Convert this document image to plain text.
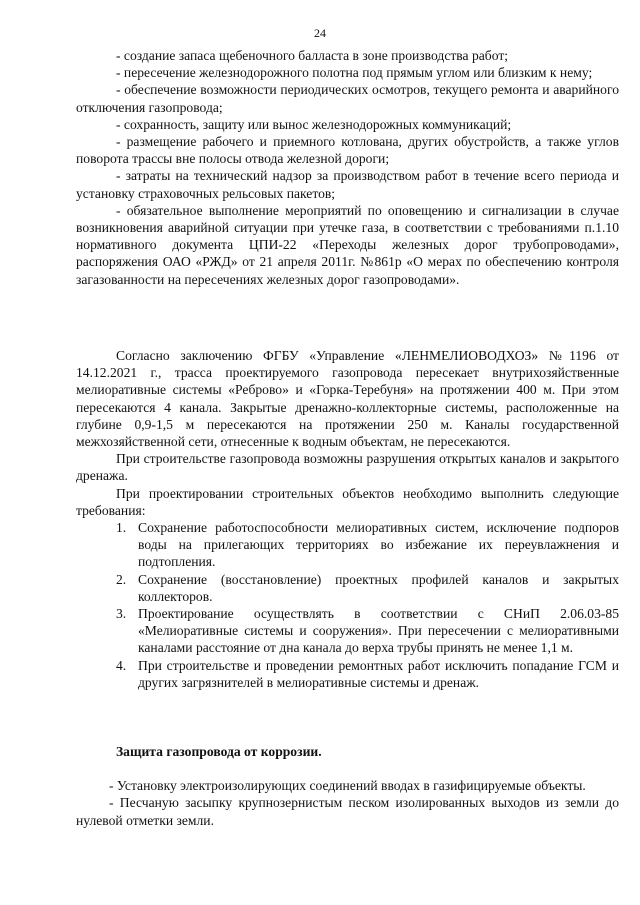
24

- создание запаса щебеночного балласта в зоне производства работ;

- пересечение железнодорожного полотна под прямым углом или близким к нему;

- обеспечение возможности периодических осмотров, текущего ремонта и аварийного отключения газопровода;

- сохранность, защиту или вынос железнодорожных коммуникаций;

- размещение рабочего и приемного котлована, других обустройств, а также углов поворота трассы вне полосы отвода железной дороги;

- затраты на технический надзор за производством работ в течение всего периода и установку страховочных рельсовых пакетов;

- обязательное выполнение мероприятий по оповещению и сигнализации в случае возникновения аварийной ситуации при утечке газа, в соответствии с требованиями п.1.10 нормативного документа ЦПИ-22 «Переходы железных дорог трубопроводами», распоряжения ОАО «РЖД» от 21 апреля 2011г. №861р «О мерах по обеспечению контроля загазованности на пересечениях железных дорог газопроводами».

Согласно заключению ФГБУ «Управление «ЛЕНМЕЛИОВОДХОЗ» №1196 от 14.12.2021 г., трасса проектируемого газопровода пересекает внутрихозяйственные мелиоративные системы «Реброво» и «Горка-Теребуня» на протяжении 400 м. При этом пересекаются 4 канала. Закрытые дренажно-коллекторные системы, расположенные на глубине 0,9-1,5 м пересекаются на протяжении 250 м. Каналы государственной межхозяйственной сети, отнесенные к водным объектам, не пересекаются.

При строительстве газопровода возможны разрушения открытых каналов и закрытого дренажа.

При проектировании строительных объектов необходимо выполнить следующие требования:

1. Сохранение работоспособности мелиоративных систем, исключение подпоров воды на прилегающих территориях во избежание их переувлажнения и подтопления.
2. Сохранение (восстановление) проектных профилей каналов и закрытых коллекторов.
3. Проектирование осуществлять в соответствии с СНиП 2.06.03-85 «Мелиоративные системы и сооружения». При пересечении с мелиоративными каналами расстояние от дна канала до верха трубы принять не менее 1,1 м.
4. При строительстве и проведении ремонтных работ исключить попадание ГСМ и других загрязнителей в мелиоративные системы и дренаж.
Защита газопровода от коррозии.

- Установку электроизолирующих соединений вводах в газифицируемые объекты.

- Песчаную засыпку крупнозернистым песком изолированных выходов из земли до нулевой отметки земли.
